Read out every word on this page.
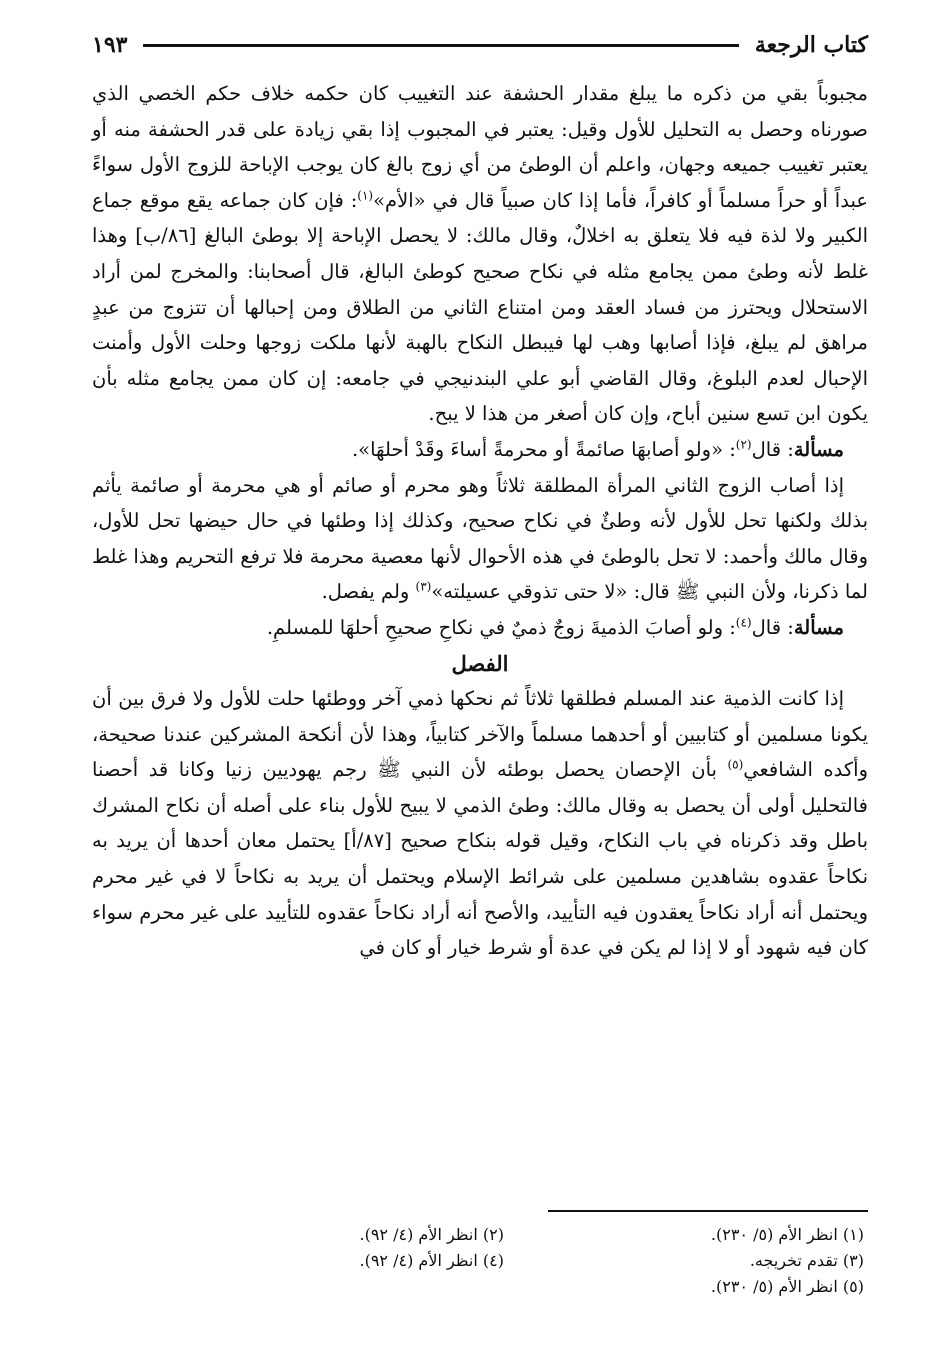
كتاب الرجعة
١٩٣

مجبوباً بقي من ذكره ما يبلغ مقدار الحشفة عند التغييب كان حكمه خلاف حكم الخصي الذي صورناه وحصل به التحليل للأول وقيل: يعتبر في المجبوب إذا بقي زيادة على قدر الحشفة منه أو يعتبر تغييب جميعه وجهان، واعلم أن الوطئ من أي زوج بالغ كان يوجب الإباحة للزوج الأول سواءً عبداً أو حراً مسلماً أو كافراً، فأما إذا كان صبياً قال في «الأم»$^{(١)}$: فإن كان جماعه يقع موقع جماع الكبير ولا لذة فيه فلا يتعلق به اخلالٌ، وقال مالك: لا يحصل الإباحة إلا بوطئ البالغ [٨٦/ب] وهذا غلط لأنه وطئ ممن يجامع مثله في نكاح صحيح كوطئ البالغ، قال أصحابنا: والمخرج لمن أراد الاستحلال ويحترز من فساد العقد ومن امتناع الثاني من الطلاق ومن إحبالها أن تتزوج من عبدٍ مراهق لم يبلغ، فإذا أصابها وهب لها فيبطل النكاح بالهبة لأنها ملكت زوجها وحلت الأول وأمنت الإحبال لعدم البلوغ، وقال القاضي أبو علي البندنيجي في جامعه: إن كان ممن يجامع مثله بأن يكون ابن تسع سنين أباح، وإن كان أصغر من هذا لا يبح.

مسألة: قال$^{(٢)}$: «ولو أصابهَا صائمةً أو محرمةً أساءَ وقَدْ أحلهَا».

إذا أصاب الزوج الثاني المرأة المطلقة ثلاثاً وهو محرم أو صائم أو هي محرمة أو صائمة يأثم بذلك ولكنها تحل للأول لأنه وطئٌ في نكاح صحيح، وكذلك إذا وطئها في حال حيضها تحل للأول، وقال مالك وأحمد: لا تحل بالوطئ في هذه الأحوال لأنها معصية محرمة فلا ترفع التحريم وهذا غلط لما ذكرنا، ولأن النبي ﷺ قال: «لا حتى تذوقي عسيلته»$^{(٣)}$ ولم يفصل.

مسألة: قال$^{(٤)}$: ولو أصابَ الذميةَ زوجٌ ذميٌ في نكاحِ صحيحِ أحلهَا للمسلمِ.

الفصل

إذا كانت الذمية عند المسلم فطلقها ثلاثاً ثم نحكها ذمي آخر ووطئها حلت للأول ولا فرق بين أن يكونا مسلمين أو كتابيين أو أحدهما مسلماً والآخر كتابياً، وهذا لأن أنكحة المشركين عندنا صحيحة، وأكده الشافعي$^{(٥)}$ بأن الإحصان يحصل بوطئه لأن النبي ﷺ رجم يهوديين زنيا وكانا قد أحصنا فالتحليل أولى أن يحصل به وقال مالك: وطئ الذمي لا يبيح للأول بناء على أصله أن نكاح المشرك باطل وقد ذكرناه في باب النكاح، وقيل قوله بنكاح صحيح [٨٧/أ] يحتمل معان أحدها أن يريد به نكاحاً عقدوه بشاهدين مسلمين على شرائط الإسلام ويحتمل أن يريد به نكاحاً لا في غير محرم ويحتمل أنه أراد نكاحاً يعقدون فيه التأييد، والأصح أنه أراد نكاحاً عقدوه للتأييد على غير محرم سواء كان فيه شهود أو لا إذا لم يكن في عدة أو شرط خيار أو كان في

(١) انظر الأم (٥/ ٢٣٠).
(٢) انظر الأم (٤/ ٩٢).
(٣) تقدم تخريجه.
(٤) انظر الأم (٤/ ٩٢).
(٥) انظر الأم (٥/ ٢٣٠).
